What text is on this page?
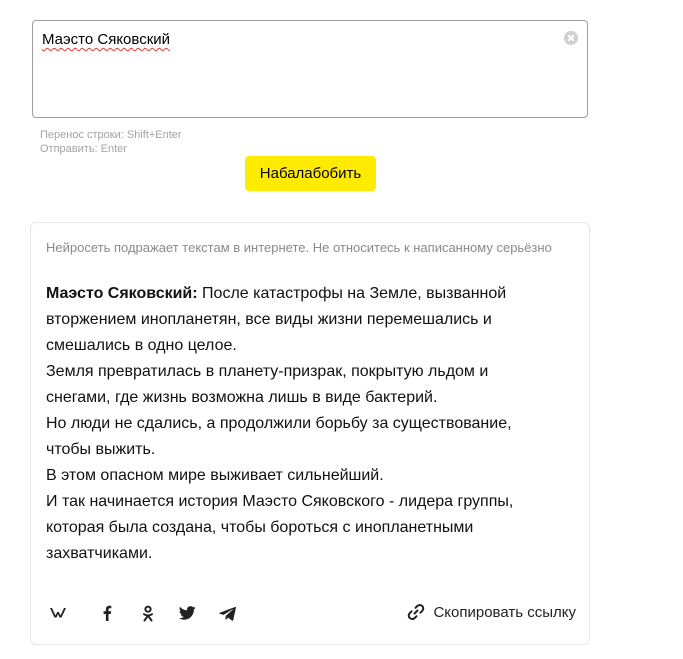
Маэсто Сяковский
Перенос строки: Shift+Enter
Отправить: Enter
Набалабобить
Нейросеть подражает текстам в интернете. Не относитесь к написанному серьёзно
Маэсто Сяковский: После катастрофы на Земле, вызванной
вторжением инопланетян, все виды жизни перемешались и
смешались в одно целое.
Земля превратилась в планету-призрак, покрытую льдом и
снегами, где жизнь возможна лишь в виде бактерий.
Но люди не сдались, а продолжили борьбу за существование,
чтобы выжить.
В этом опасном мире выживает сильнейший.
И так начинается история Маэсто Сяковского - лидера группы,
которая была создана, чтобы бороться с инопланетными
захватчиками.
Скопировать ссылку
